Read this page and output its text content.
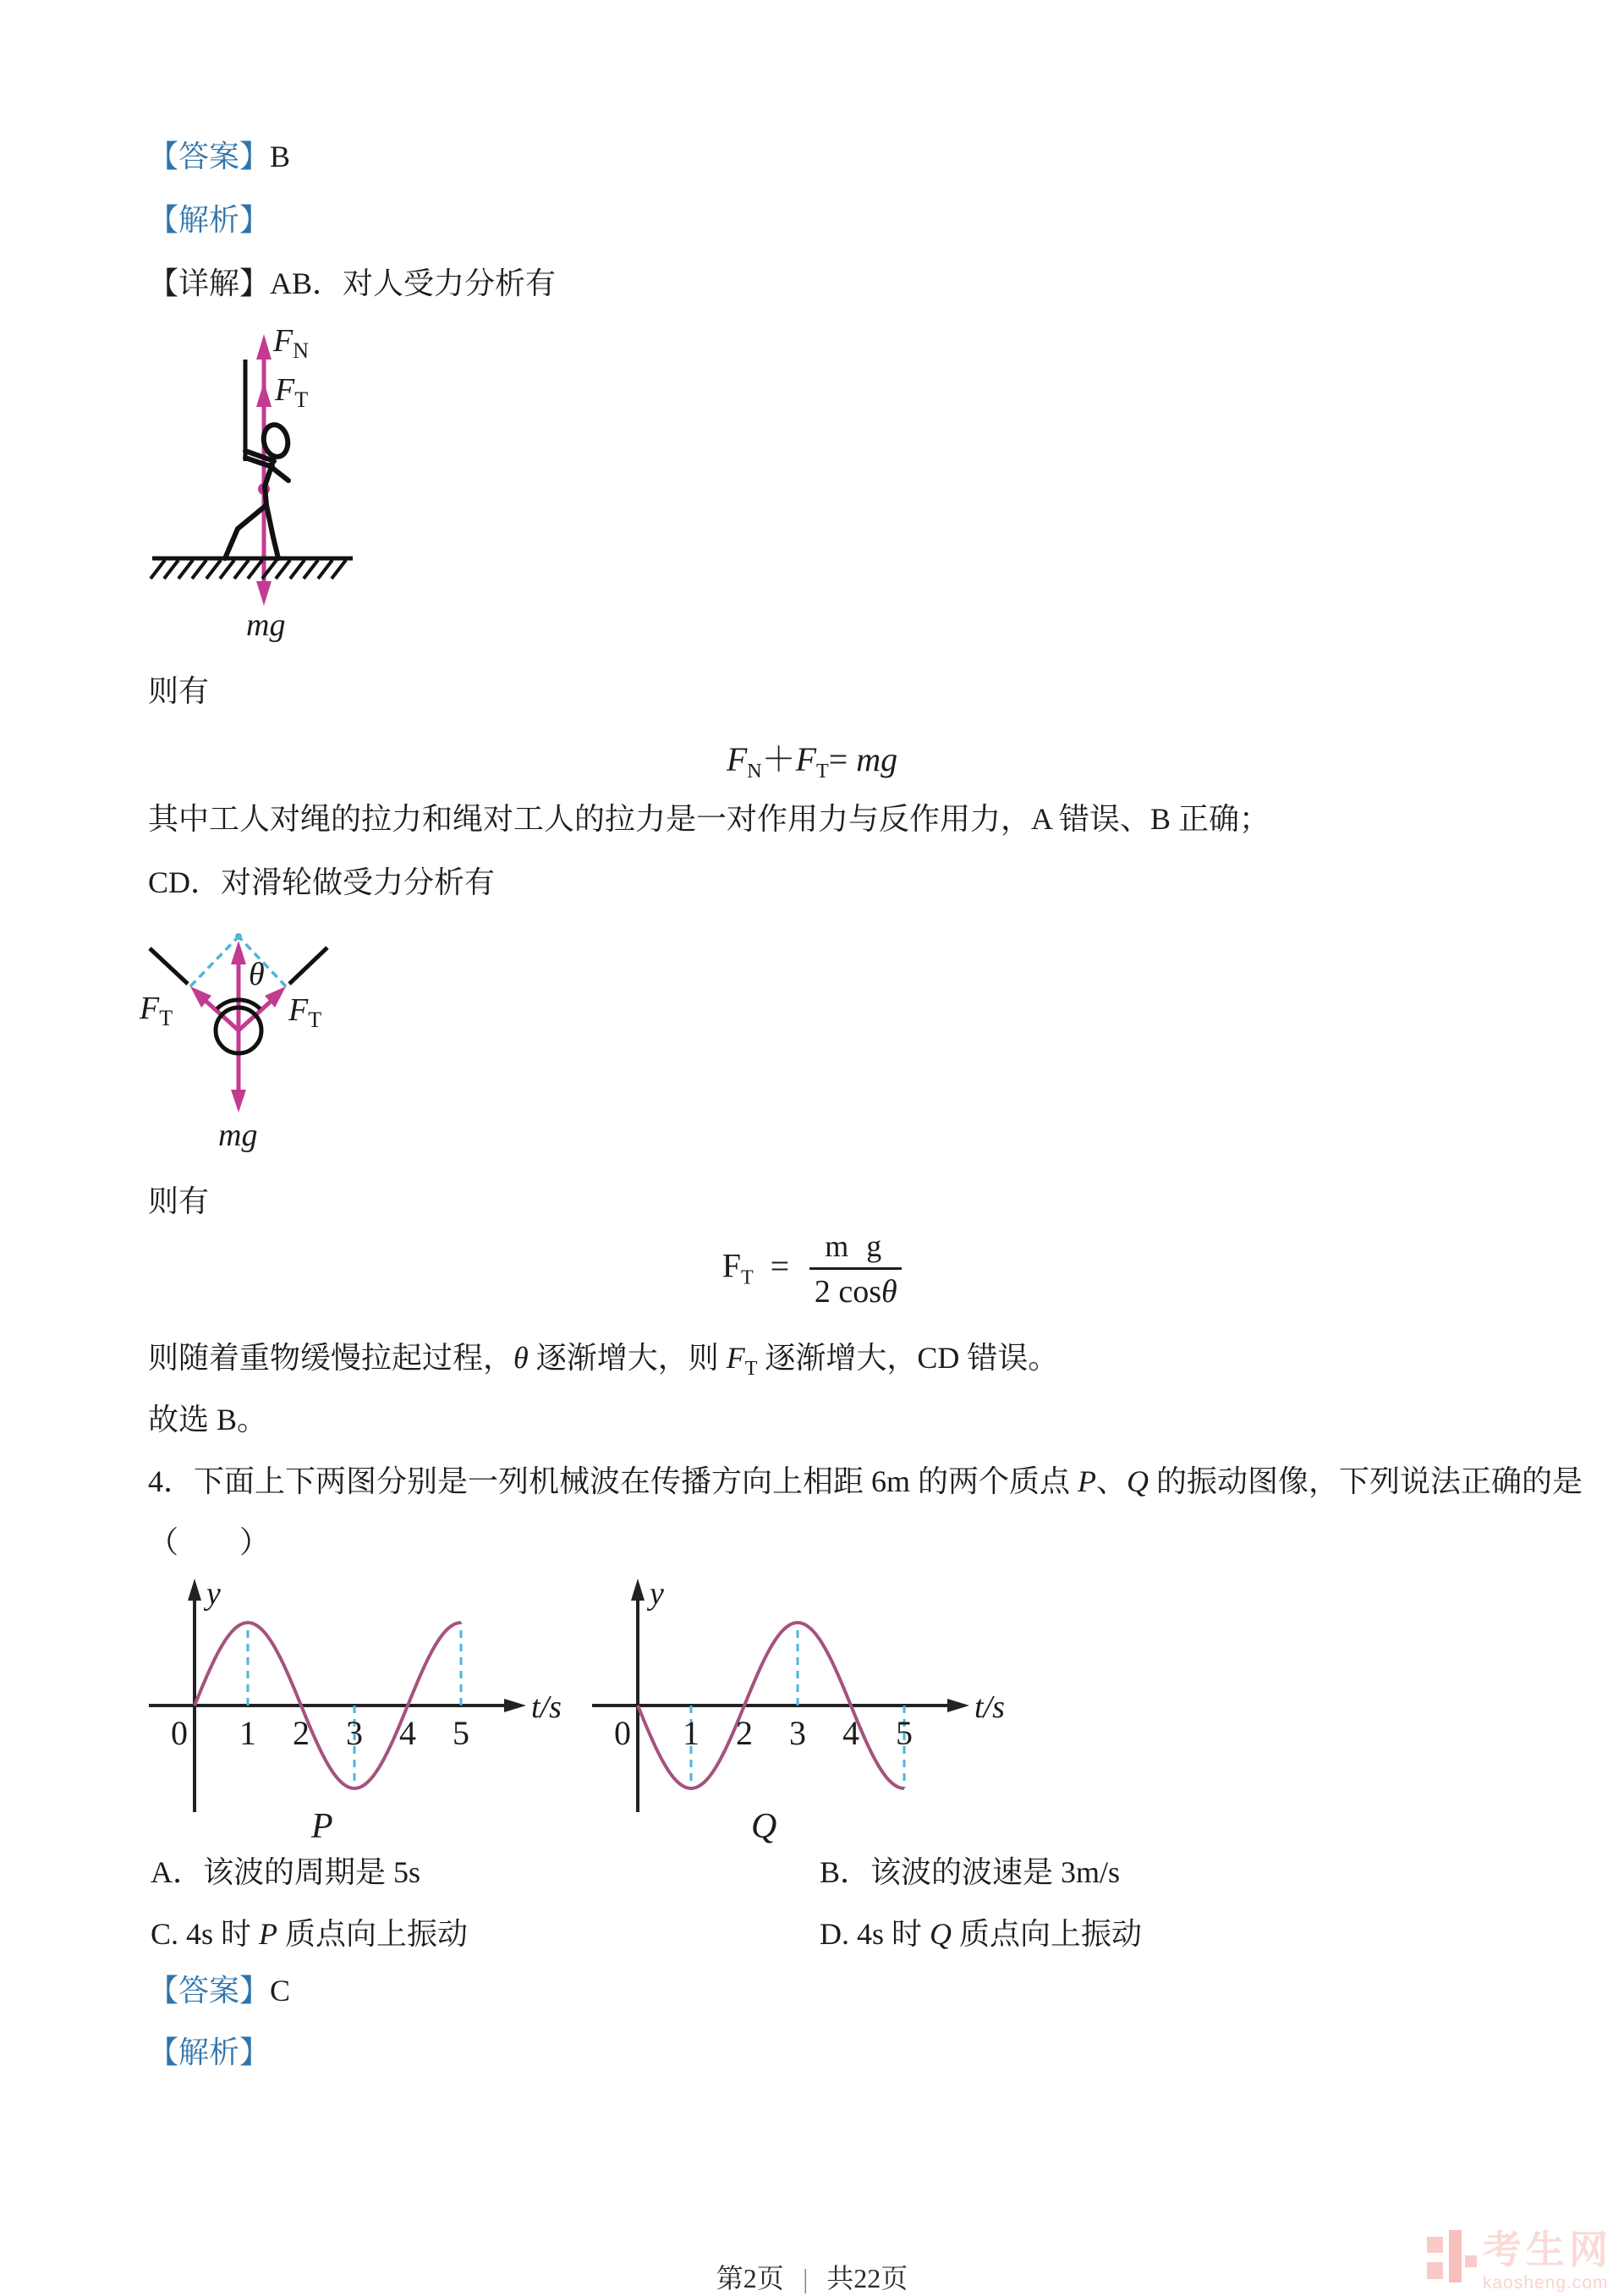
【答案】B
【解析】
【详解】AB．对人受力分析有
$F_N$
$F_T$
mg
则有
$F_N+F_T=$ mg
其中工人对绳的拉力和绳对工人的拉力是一对作用力与反作用力，A 错误、B 正确；
CD．对滑轮做受力分析有
θ
$F_T$	$F_T$
mg
则有
$F_T = \frac{\text{m g}}{2 \cos\theta}$
则随着重物缓慢拉起过程，θ 逐渐增大，则 $F_T$ 逐渐增大，CD 错误。
故选 B。
4．下面上下两图分别是一列机械波在传播方向上相距 6m 的两个质点 P、Q 的振动图像，下列说法正确的是
（　　）
y
t/s
0 1 2 3 4 5
P
y
t/s
0 1 2 3 4 5
Q
A．该波的周期是 5s	B．该波的波速是 3m/s
C. 4s 时 P 质点向上振动	D. 4s 时 Q 质点向上振动
【答案】C
【解析】
第2页 | 共22页
考生网
kaosheng.com
